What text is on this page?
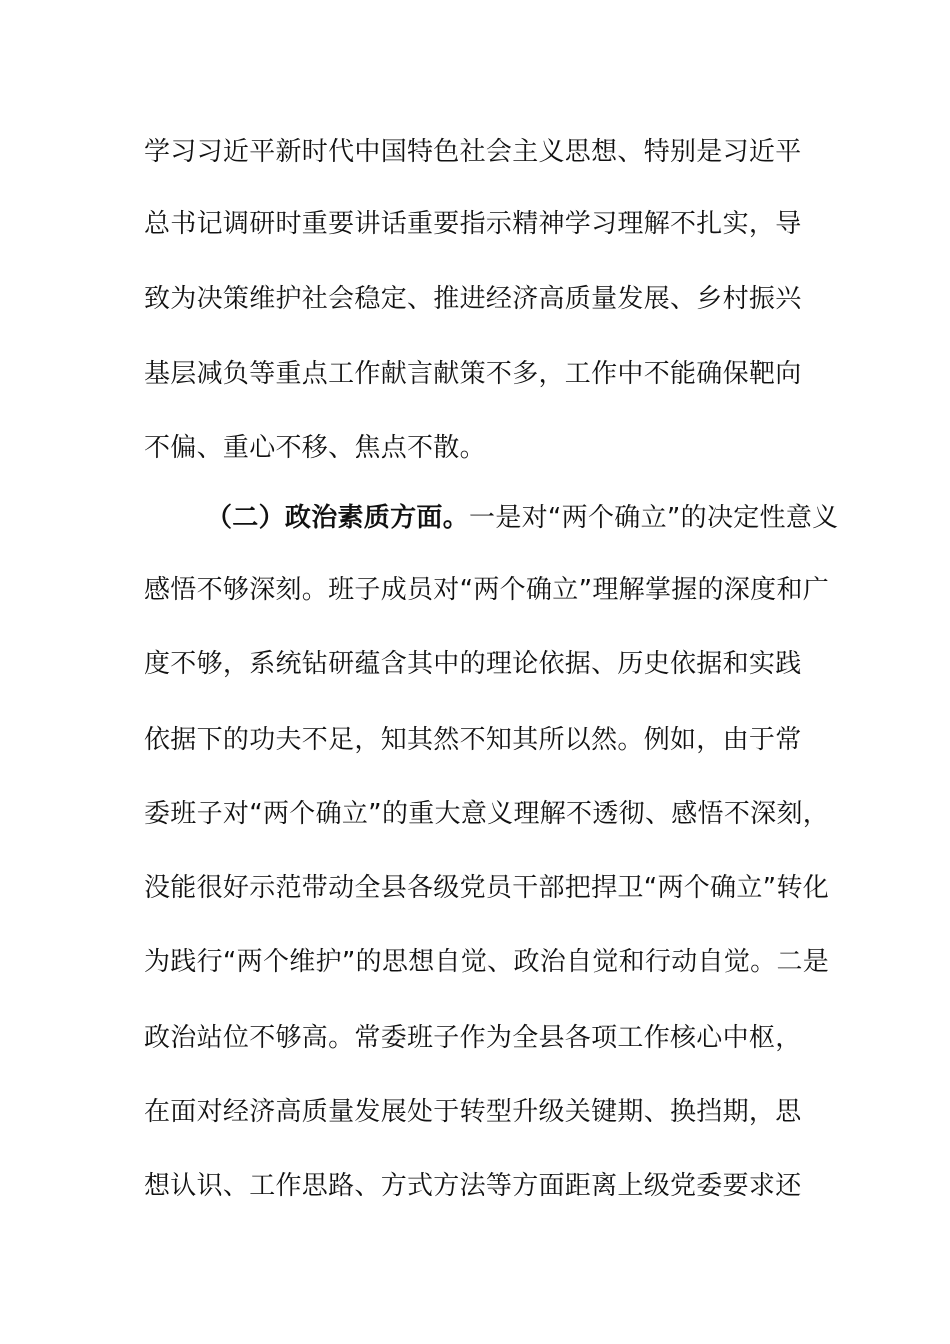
学习习近平新时代中国特色社会主义思想、特别是习近平
总书记调研时重要讲话重要指示精神学习理解不扎实，导
致为决策维护社会稳定、推进经济高质量发展、乡村振兴
基层减负等重点工作献言献策不多，工作中不能确保靶向
不偏、重心不移、焦点不散。
（二）政治素质方面。一是对“两个确立”的决定性意义
感悟不够深刻。班子成员对“两个确立”理解掌握的深度和广
度不够，系统钻研蕴含其中的理论依据、历史依据和实践
依据下的功夫不足，知其然不知其所以然。例如，由于常
委班子对“两个确立”的重大意义理解不透彻、感悟不深刻，
没能很好示范带动全县各级党员干部把捍卫“两个确立”转化
为践行“两个维护”的思想自觉、政治自觉和行动自觉。二是
政治站位不够高。常委班子作为全县各项工作核心中枢，
在面对经济高质量发展处于转型升级关键期、换挡期，思
想认识、工作思路、方式方法等方面距离上级党委要求还
